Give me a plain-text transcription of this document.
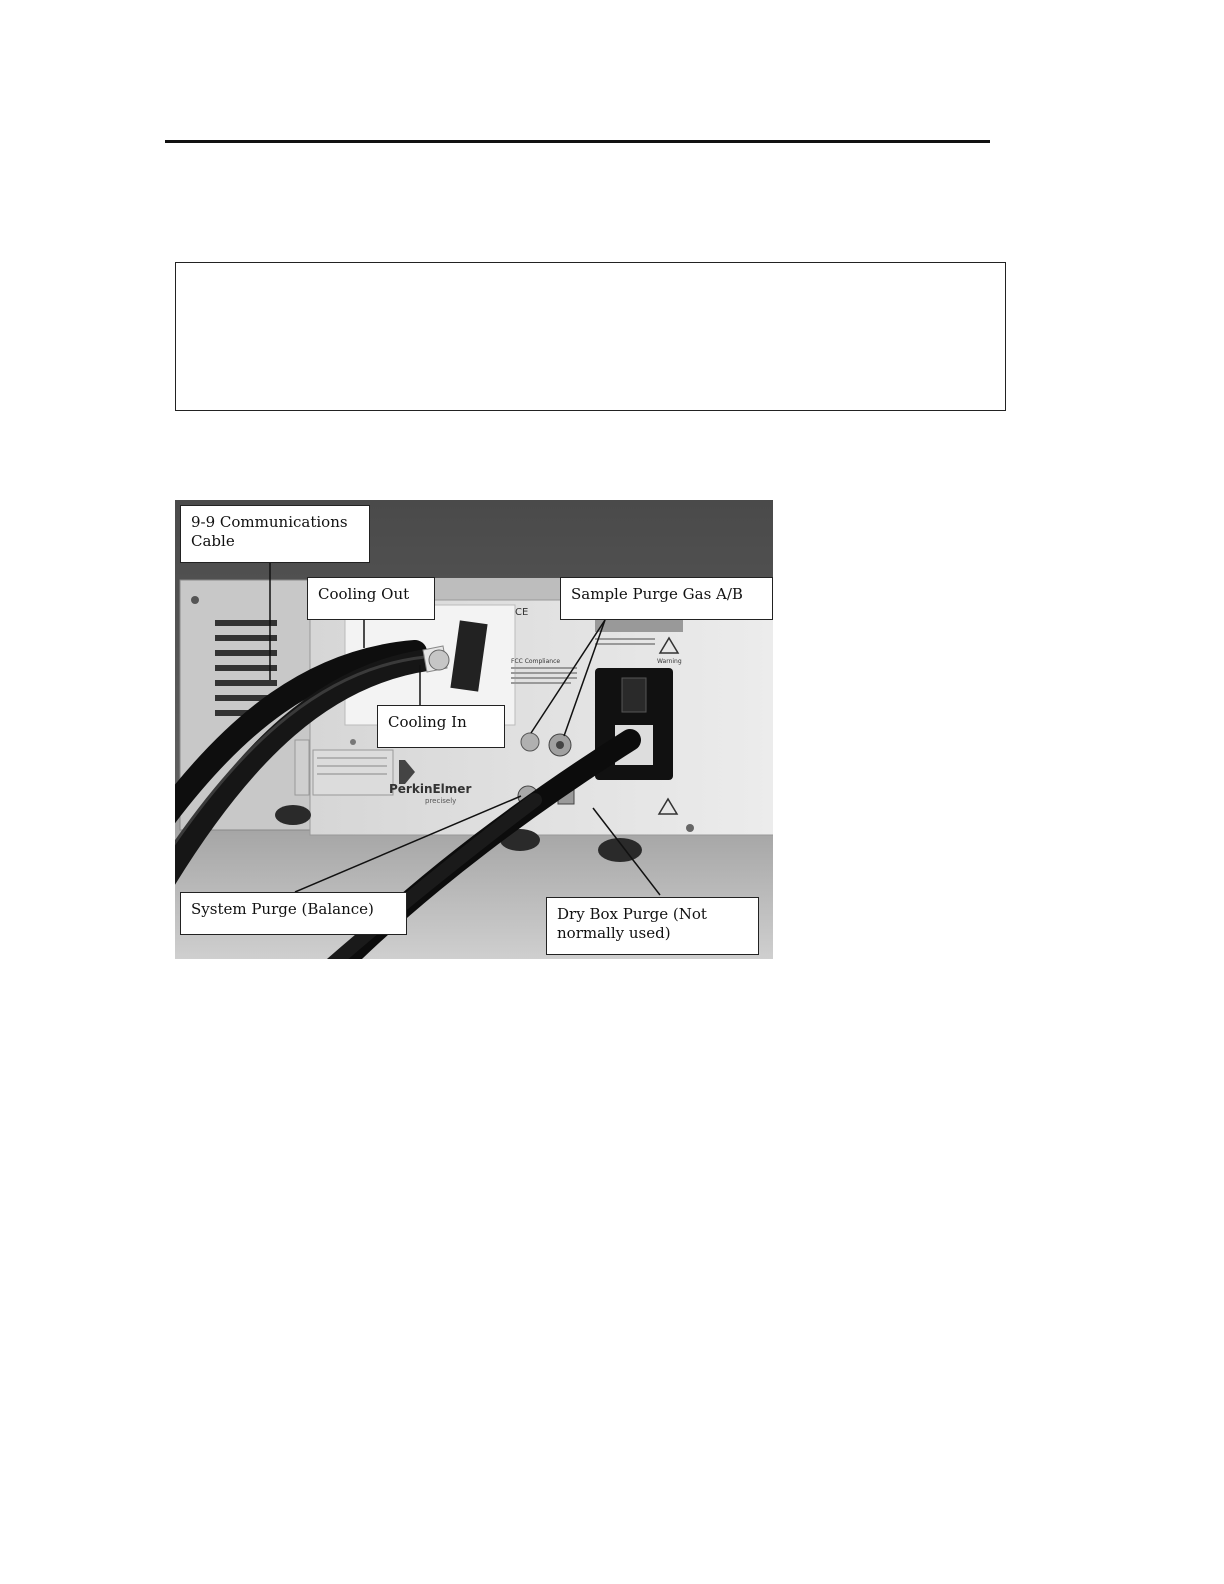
PerkinElmer
precisely
CE
FCC Compliance	Warning
9-9 Communications
Cable
Cooling Out	Sample Purge Gas A/B
Cooling In
System Purge (Balance)	Dry Box Purge (Not
normally used)
